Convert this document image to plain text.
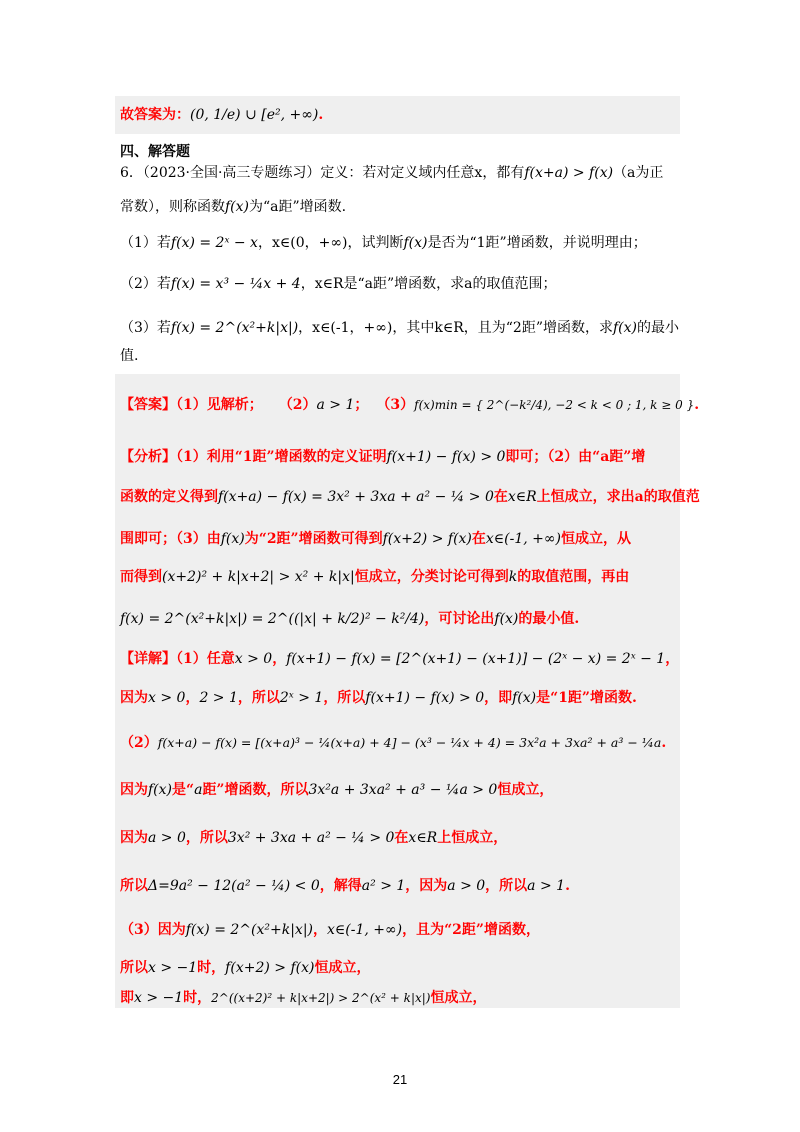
故答案为：(0, 1/e) ∪ [e², +∞).
四、解答题
6．（2023·全国·高三专题练习）定义：若对定义域内任意x，都有f(x+a) > f(x)（a为正
常数），则称函数f(x)为“a距”增函数.
（1）若f(x) = 2ˣ − x，x∈(0，+∞)，试判断f(x)是否为“1距”增函数，并说明理由；
（2）若f(x) = x³ − ¼x + 4，x∈R是“a距”增函数，求a的取值范围；
（3）若f(x) = 2^(x²+k|x|)，x∈(-1，+∞)，其中k∈R，且为“2距”增函数，求f(x)的最小
值.
【答案】（1）见解析； （2）a > 1； （3）f(x)min = { 2^(−k²/4), −2 < k < 0 ; 1, k ≥ 0 }.
【分析】（1）利用“1距”增函数的定义证明f(x+1) − f(x) > 0即可；（2）由“a距”增
函数的定义得到f(x+a) − f(x) = 3x² + 3xa + a² − ¼ > 0在x∈R上恒成立，求出a的取值范
围即可；（3）由f(x)为“2距”增函数可得到f(x+2) > f(x)在x∈(-1, +∞)恒成立，从
而得到(x+2)² + k|x+2| > x² + k|x|恒成立，分类讨论可得到k的取值范围，再由
f(x) = 2^(x²+k|x|) = 2^((|x| + k/2)² − k²/4)，可讨论出f(x)的最小值.
【详解】（1）任意x > 0，f(x+1) − f(x) = [2^(x+1) − (x+1)] − (2ˣ − x) = 2ˣ − 1，
因为x > 0，2 > 1，所以2ˣ > 1，所以f(x+1) − f(x) > 0，即f(x)是“1距”增函数.
（2）f(x+a) − f(x) = [(x+a)³ − ¼(x+a) + 4] − (x³ − ¼x + 4) = 3x²a + 3xa² + a³ − ¼a.
因为f(x)是“a距”增函数，所以3x²a + 3xa² + a³ − ¼a > 0恒成立，
因为a > 0，所以3x² + 3xa + a² − ¼ > 0在x∈R上恒成立，
所以Δ=9a² − 12(a² − ¼) < 0，解得a² > 1，因为a > 0，所以a > 1.
（3）因为f(x) = 2^(x²+k|x|)，x∈(-1, +∞)，且为“2距”增函数，
所以x > −1时，f(x+2) > f(x)恒成立，
即x > −1时，2^((x+2)² + k|x+2|) > 2^(x² + k|x|)恒成立，
21
